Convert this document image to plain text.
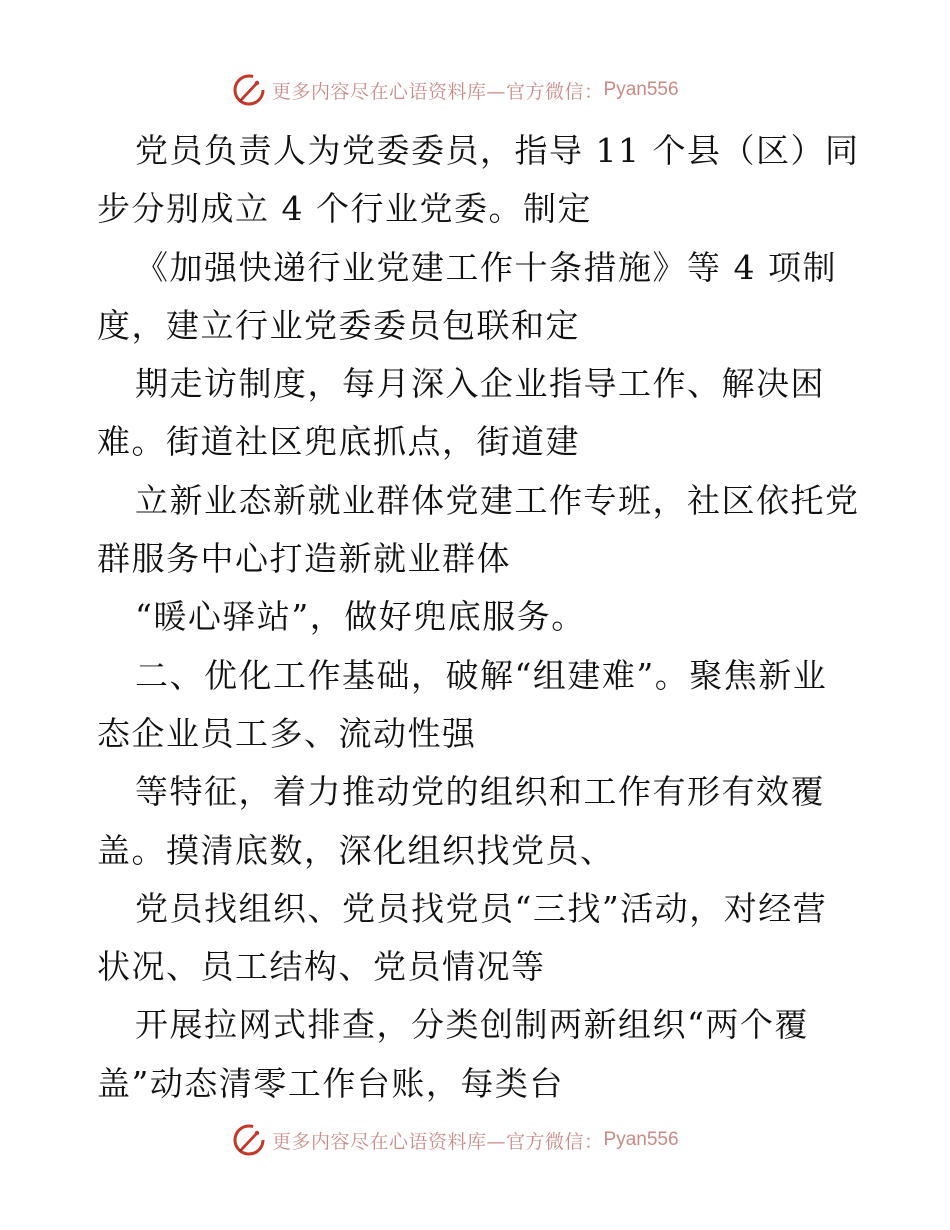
更多内容尽在心语资料库—官方微信： Pyan556
党员负责人为党委委员，指导 11 个县（区）同
步分别成立 4 个行业党委。制定
《加强快递行业党建工作十条措施》等 4 项制
度，建立行业党委委员包联和定
期走访制度，每月深入企业指导工作、解决困
难。街道社区兜底抓点，街道建
立新业态新就业群体党建工作专班，社区依托党
群服务中心打造新就业群体
“暖心驿站”，做好兜底服务。
二、优化工作基础，破解“组建难”。聚焦新业
态企业员工多、流动性强
等特征，着力推动党的组织和工作有形有效覆
盖。摸清底数，深化组织找党员、
党员找组织、党员找党员“三找”活动，对经营
状况、员工结构、党员情况等
开展拉网式排查，分类创制两新组织“两个覆
盖”动态清零工作台账，每类台
更多内容尽在心语资料库—官方微信： Pyan556
